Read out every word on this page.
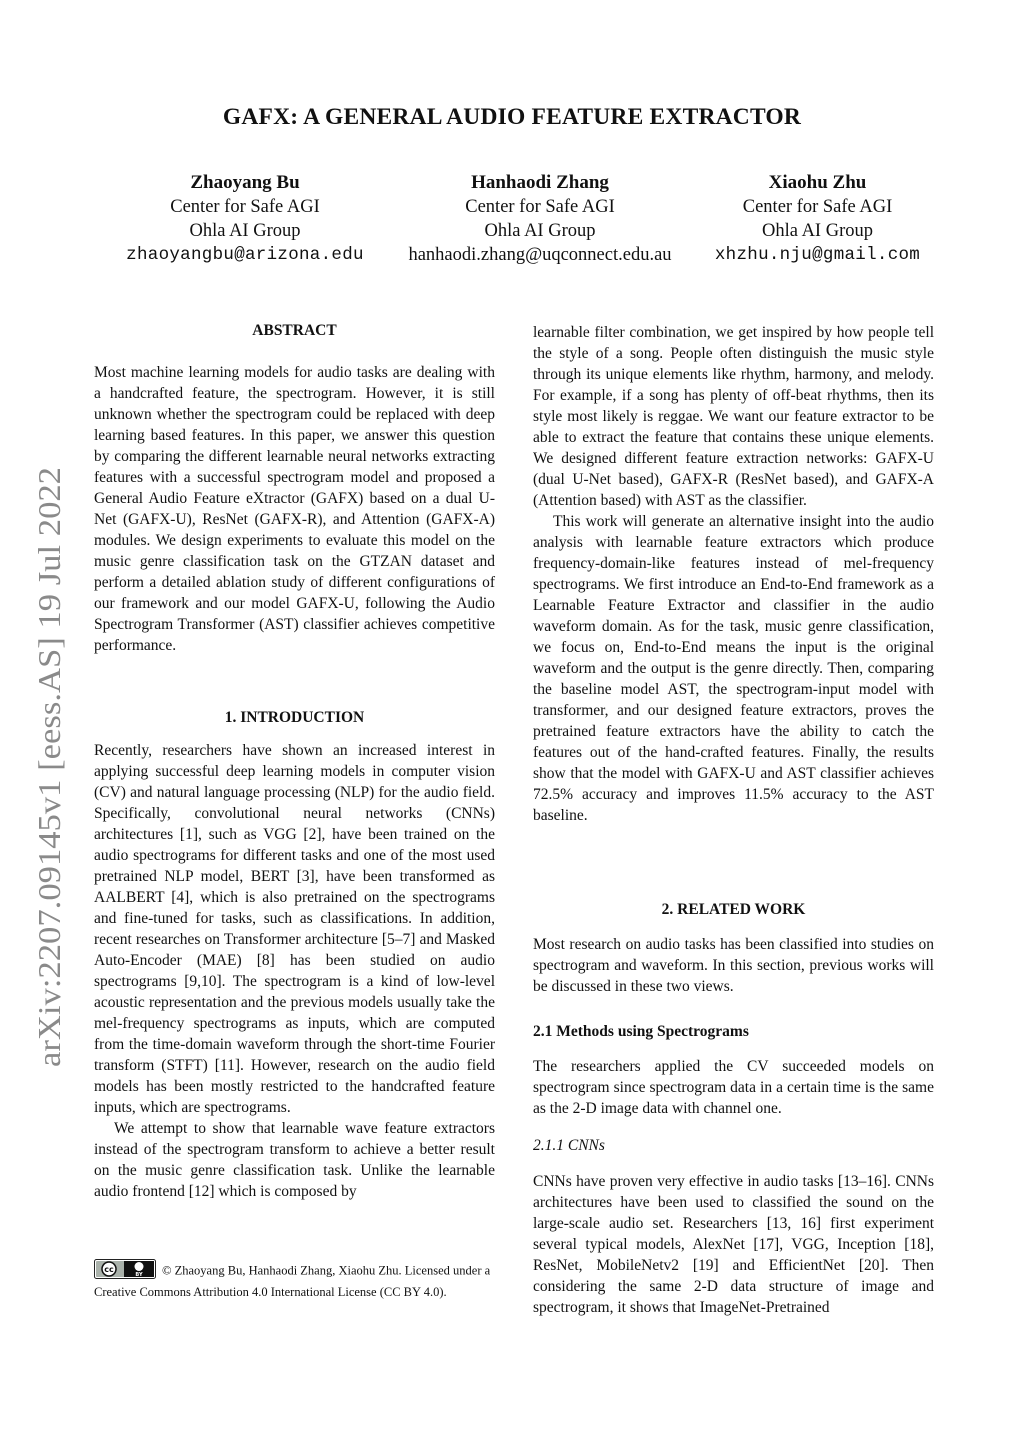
arXiv:2207.09145v1 [eess.AS] 19 Jul 2022
GAFX: A GENERAL AUDIO FEATURE EXTRACTOR
Zhaoyang Bu
Center for Safe AGI
Ohla AI Group
zhaoyangbu@arizona.edu
Hanhaodi Zhang
Center for Safe AGI
Ohla AI Group
hanhaodi.zhang@uqconnect.edu.au
Xiaohu Zhu
Center for Safe AGI
Ohla AI Group
xhzhu.nju@gmail.com
ABSTRACT

Most machine learning models for audio tasks are dealing with a handcrafted feature, the spectrogram. However, it is still unknown whether the spectrogram could be replaced with deep learning based features. In this paper, we answer this question by comparing the different learnable neural networks extracting features with a successful spectrogram model and proposed a General Audio Feature eXtractor (GAFX) based on a dual U-Net (GAFX-U), ResNet (GAFX-R), and Attention (GAFX-A) modules. We design experiments to evaluate this model on the music genre classification task on the GTZAN dataset and perform a detailed ablation study of different configurations of our framework and our model GAFX-U, following the Audio Spectrogram Transformer (AST) classifier achieves competitive performance.

1. INTRODUCTION

Recently, researchers have shown an increased interest in applying successful deep learning models in computer vision (CV) and natural language processing (NLP) for the audio field. Specifically, convolutional neural networks (CNNs) architectures [1], such as VGG [2], have been trained on the audio spectrograms for different tasks and one of the most used pretrained NLP model, BERT [3], have been transformed as AALBERT [4], which is also pretrained on the spectrograms and fine-tuned for tasks, such as classifications. In addition, recent researches on Transformer architecture [5–7] and Masked Auto-Encoder (MAE) [8] has been studied on audio spectrograms [9,10]. The spectrogram is a kind of low-level acoustic representation and the previous models usually take the mel-frequency spectrograms as inputs, which are computed from the time-domain waveform through the short-time Fourier transform (STFT) [11]. However, research on the audio field models has been mostly restricted to the handcrafted feature inputs, which are spectrograms.

We attempt to show that learnable wave feature extractors instead of the spectrogram transform to achieve a better result on the music genre classification task. Unlike the learnable audio frontend [12] which is composed by

cc
BY © Zhaoyang Bu, Hanhaodi Zhang, Xiaohu Zhu. Licensed under a Creative Commons Attribution 4.0 International License (CC BY 4.0).

learnable filter combination, we get inspired by how people tell the style of a song. People often distinguish the music style through its unique elements like rhythm, harmony, and melody. For example, if a song has plenty of off-beat rhythms, then its style most likely is reggae. We want our feature extractor to be able to extract the feature that contains these unique elements. We designed different feature extraction networks: GAFX-U (dual U-Net based), GAFX-R (ResNet based), and GAFX-A (Attention based) with AST as the classifier.

This work will generate an alternative insight into the audio analysis with learnable feature extractors which produce frequency-domain-like features instead of mel-frequency spectrograms. We first introduce an End-to-End framework as a Learnable Feature Extractor and classifier in the audio waveform domain. As for the task, music genre classification, we focus on, End-to-End means the input is the original waveform and the output is the genre directly. Then, comparing the baseline model AST, the spectrogram-input model with transformer, and our designed feature extractors, proves the pretrained feature extractors have the ability to catch the features out of the hand-crafted features. Finally, the results show that the model with GAFX-U and AST classifier achieves 72.5% accuracy and improves 11.5% accuracy to the AST baseline.

2. RELATED WORK

Most research on audio tasks has been classified into studies on spectrogram and waveform. In this section, previous works will be discussed in these two views.

2.1 Methods using Spectrograms

The researchers applied the CV succeeded models on spectrogram since spectrogram data in a certain time is the same as the 2-D image data with channel one.

2.1.1 CNNs

CNNs have proven very effective in audio tasks [13–16]. CNNs architectures have been used to classified the sound on the large-scale audio set. Researchers [13, 16] first experiment several typical models, AlexNet [17], VGG, Inception [18], ResNet, MobileNetv2 [19] and EfficientNet [20]. Then considering the same 2-D data structure of image and spectrogram, it shows that ImageNet-Pretrained
